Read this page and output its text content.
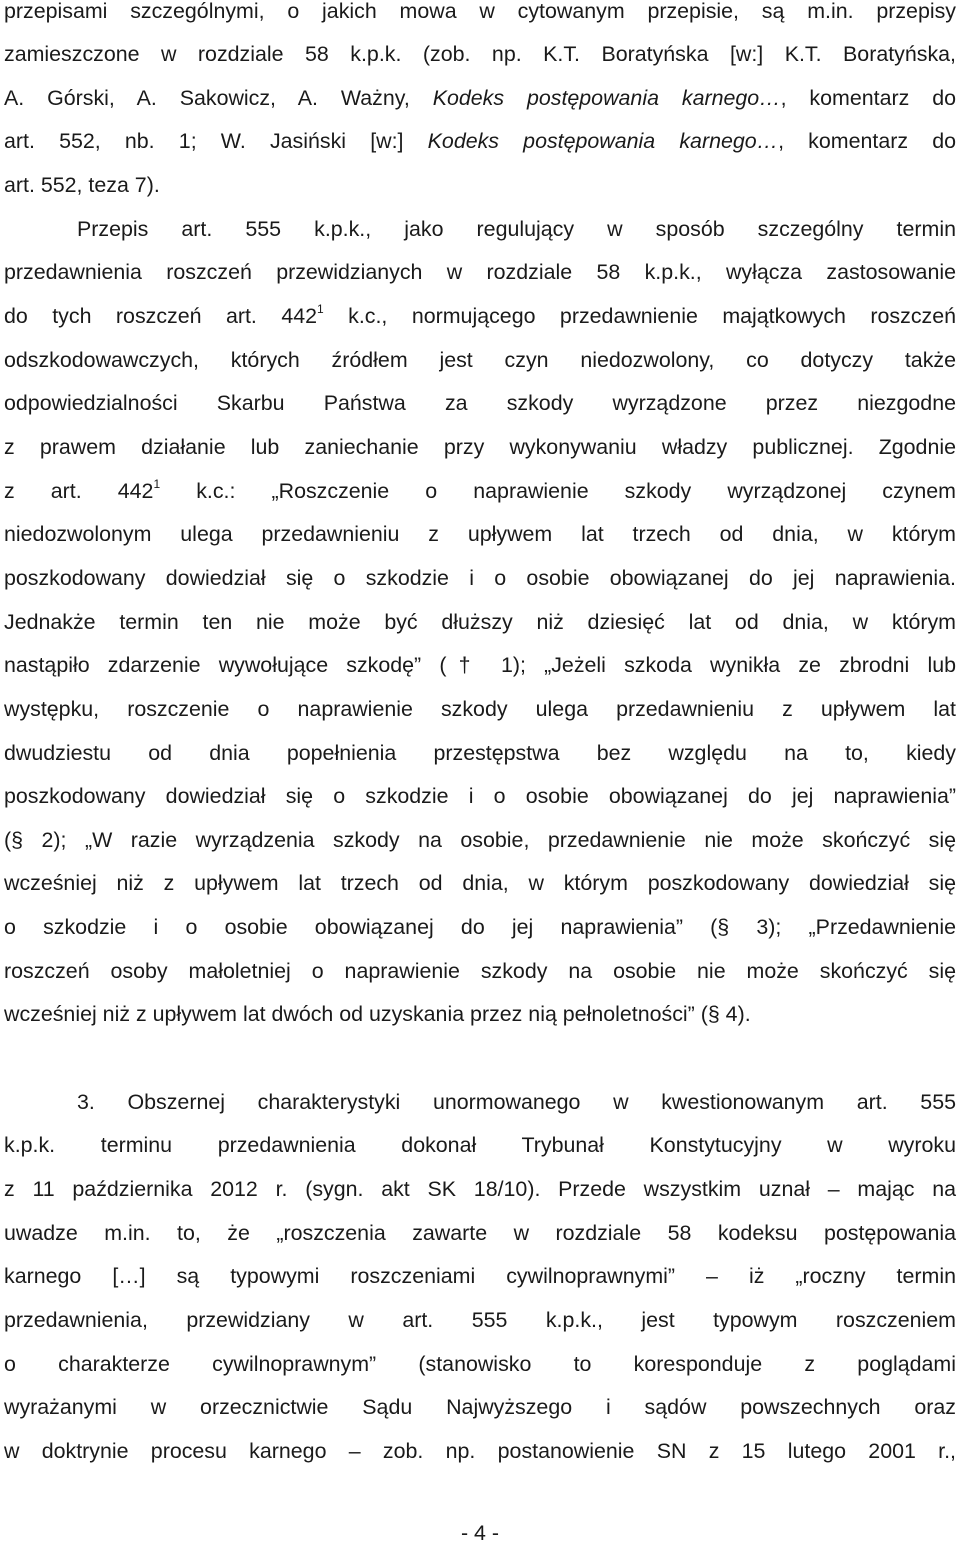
przepisami szczególnymi, o jakich mowa w cytowanym przepisie, są m.in. przepisy
zamieszczone w rozdziale 58 k.p.k. (zob. np. K.T. Boratyńska [w:] K.T. Boratyńska,
A. Górski, A. Sakowicz, A. Ważny, Kodeks postępowania karnego…, komentarz do
art. 552, nb. 1; W. Jasiński [w:] Kodeks postępowania karnego…, komentarz do
art. 552, teza 7).
Przepis art. 555 k.p.k., jako regulujący w sposób szczególny termin
przedawnienia roszczeń przewidzianych w rozdziale 58 k.p.k., wyłącza zastosowanie
do tych roszczeń art. $442^1$ k.c., normującego przedawnienie majątkowych roszczeń
odszkodowawczych, których źródłem jest czyn niedozwolony, co dotyczy także
odpowiedzialności Skarbu Państwa za szkody wyrządzone przez niezgodne
z prawem działanie lub zaniechanie przy wykonywaniu władzy publicznej. Zgodnie
z art. $442^1$ k.c.: „Roszczenie o naprawienie szkody wyrządzonej czynem
niedozwolonym ulega przedawnieniu z upływem lat trzech od dnia, w którym
poszkodowany dowiedział się o szkodzie i o osobie obowiązanej do jej naprawienia.
Jednakże termin ten nie może być dłuższy niż dziesięć lat od dnia, w którym
nastąpiło zdarzenie wywołujące szkodę” († 1); „Jeżeli szkoda wynikła ze zbrodni lub
występku, roszczenie o naprawienie szkody ulega przedawnieniu z upływem lat
dwudziestu od dnia popełnienia przestępstwa bez względu na to, kiedy
poszkodowany dowiedział się o szkodzie i o osobie obowiązanej do jej naprawienia”
(§ 2); „W razie wyrządzenia szkody na osobie, przedawnienie nie może skończyć się
wcześniej niż z upływem lat trzech od dnia, w którym poszkodowany dowiedział się
o szkodzie i o osobie obowiązanej do jej naprawienia” (§ 3); „Przedawnienie
roszczeń osoby małoletniej o naprawienie szkody na osobie nie może skończyć się
wcześniej niż z upływem lat dwóch od uzyskania przez nią pełnoletności” (§ 4).
3. Obszernej charakterystyki unormowanego w kwestionowanym art. 555
k.p.k. terminu przedawnienia dokonał Trybunał Konstytucyjny w wyroku
z 11 października 2012 r. (sygn. akt SK 18/10). Przede wszystkim uznał – mając na
uwadze m.in. to, że „roszczenia zawarte w rozdziale 58 kodeksu postępowania
karnego […] są typowymi roszczeniami cywilnoprawnymi” – iż „roczny termin
przedawnienia, przewidziany w art. 555 k.p.k., jest typowym roszczeniem
o charakterze cywilnoprawnym” (stanowisko to koresponduje z poglądami
wyrażanymi w orzecznictwie Sądu Najwyższego i sądów powszechnych oraz
w doktrynie procesu karnego – zob. np. postanowienie SN z 15 lutego 2001 r.,
- 4 -
